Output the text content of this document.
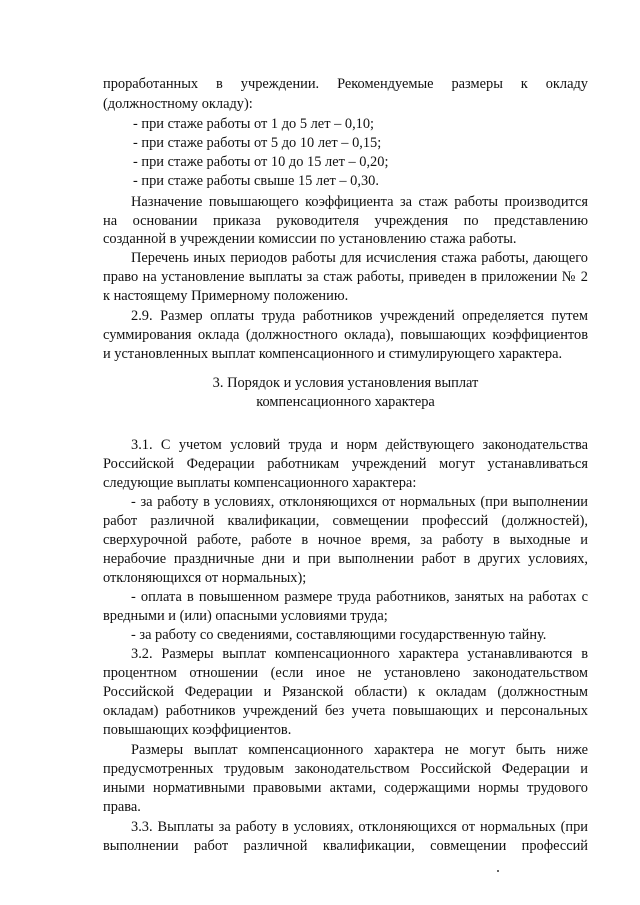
проработанных в учреждении. Рекомендуемые размеры к окладу
(должностному окладу):
- при стаже работы от 1 до 5 лет – 0,10;
- при стаже работы от 5 до 10 лет – 0,15;
- при стаже работы от 10 до 15 лет – 0,20;
- при стаже работы свыше 15 лет – 0,30.
Назначение повышающего коэффициента за стаж работы производится
на основании приказа руководителя учреждения по представлению
созданной в учреждении комиссии по установлению стажа работы.
Перечень иных периодов работы для исчисления стажа работы, дающего
право на установление выплаты за стаж работы, приведен в приложении № 2
к настоящему Примерному положению.
2.9. Размер оплаты труда работников учреждений определяется путем
суммирования оклада (должностного оклада), повышающих коэффициентов
и установленных выплат компенсационного и стимулирующего характера.
3. Порядок и условия установления выплат
компенсационного характера
3.1. С учетом условий труда и норм действующего законодательства
Российской Федерации работникам учреждений могут устанавливаться
следующие выплаты компенсационного характера:
- за работу в условиях, отклоняющихся от нормальных (при выполнении
работ различной квалификации, совмещении профессий (должностей),
сверхурочной работе, работе в ночное время, за работу в выходные и
нерабочие праздничные дни и при выполнении работ в других условиях,
отклоняющихся от нормальных);
- оплата в повышенном размере труда работников, занятых на работах с
вредными и (или) опасными условиями труда;
- за работу со сведениями, составляющими государственную тайну.
3.2. Размеры выплат компенсационного характера устанавливаются в
процентном отношении (если иное не установлено законодательством
Российской Федерации и Рязанской области) к окладам (должностным
окладам) работников учреждений без учета повышающих и персональных
повышающих коэффициентов.
Размеры выплат компенсационного характера не могут быть ниже
предусмотренных трудовым законодательством Российской Федерации и
иными нормативными правовыми актами, содержащими нормы трудового
права.
3.3. Выплаты за работу в условиях, отклоняющихся от нормальных (при
выполнении работ различной квалификации, совмещении профессий
